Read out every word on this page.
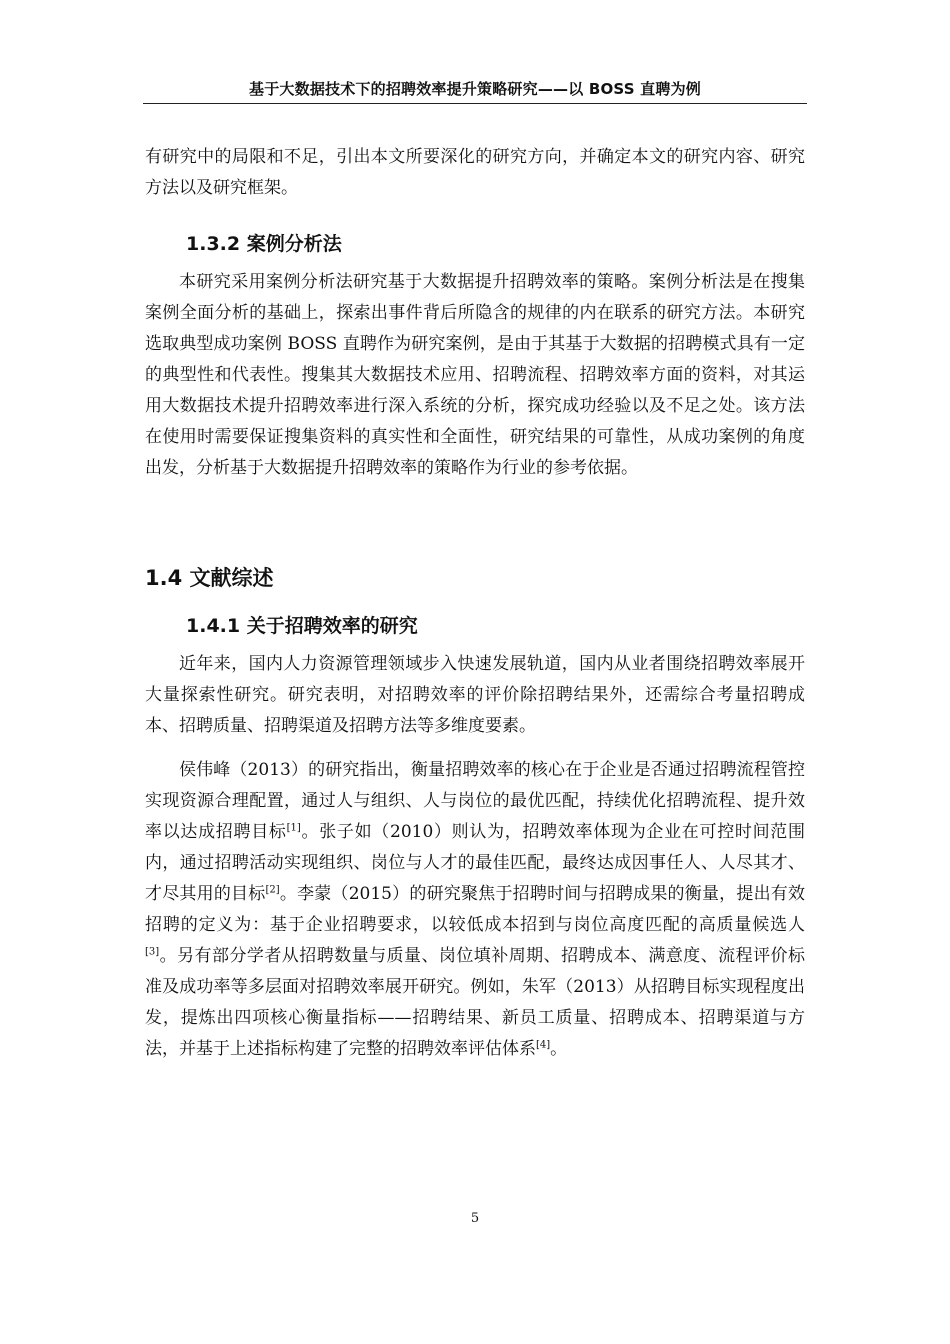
基于大数据技术下的招聘效率提升策略研究——以 BOSS 直聘为例

有研究中的局限和不足，引出本文所要深化的研究方向，并确定本文的研究内容、研究方法以及研究框架。

1.3.2 案例分析法

本研究采用案例分析法研究基于大数据提升招聘效率的策略。案例分析法是在搜集案例全面分析的基础上，探索出事件背后所隐含的规律的内在联系的研究方法。本研究选取典型成功案例 BOSS 直聘作为研究案例，是由于其基于大数据的招聘模式具有一定的典型性和代表性。搜集其大数据技术应用、招聘流程、招聘效率方面的资料，对其运用大数据技术提升招聘效率进行深入系统的分析，探究成功经验以及不足之处。该方法在使用时需要保证搜集资料的真实性和全面性，研究结果的可靠性，从成功案例的角度出发，分析基于大数据提升招聘效率的策略作为行业的参考依据。

1.4 文献综述
1.4.1 关于招聘效率的研究

近年来，国内人力资源管理领域步入快速发展轨道，国内从业者围绕招聘效率展开大量探索性研究。研究表明，对招聘效率的评价除招聘结果外，还需综合考量招聘成本、招聘质量、招聘渠道及招聘方法等多维度要素。

侯伟峰（2013）的研究指出，衡量招聘效率的核心在于企业是否通过招聘流程管控实现资源合理配置，通过人与组织、人与岗位的最优匹配，持续优化招聘流程、提升效率以达成招聘目标[1]。张子如（2010）则认为，招聘效率体现为企业在可控时间范围内，通过招聘活动实现组织、岗位与人才的最佳匹配，最终达成因事任人、人尽其才、才尽其用的目标[2]。李蒙（2015）的研究聚焦于招聘时间与招聘成果的衡量，提出有效招聘的定义为：基于企业招聘要求，以较低成本招到与岗位高度匹配的高质量候选人[3]。另有部分学者从招聘数量与质量、岗位填补周期、招聘成本、满意度、流程评价标准及成功率等多层面对招聘效率展开研究。例如，朱军（2013）从招聘目标实现程度出发，提炼出四项核心衡量指标——招聘结果、新员工质量、招聘成本、招聘渠道与方法，并基于上述指标构建了完整的招聘效率评估体系[4]。

5
